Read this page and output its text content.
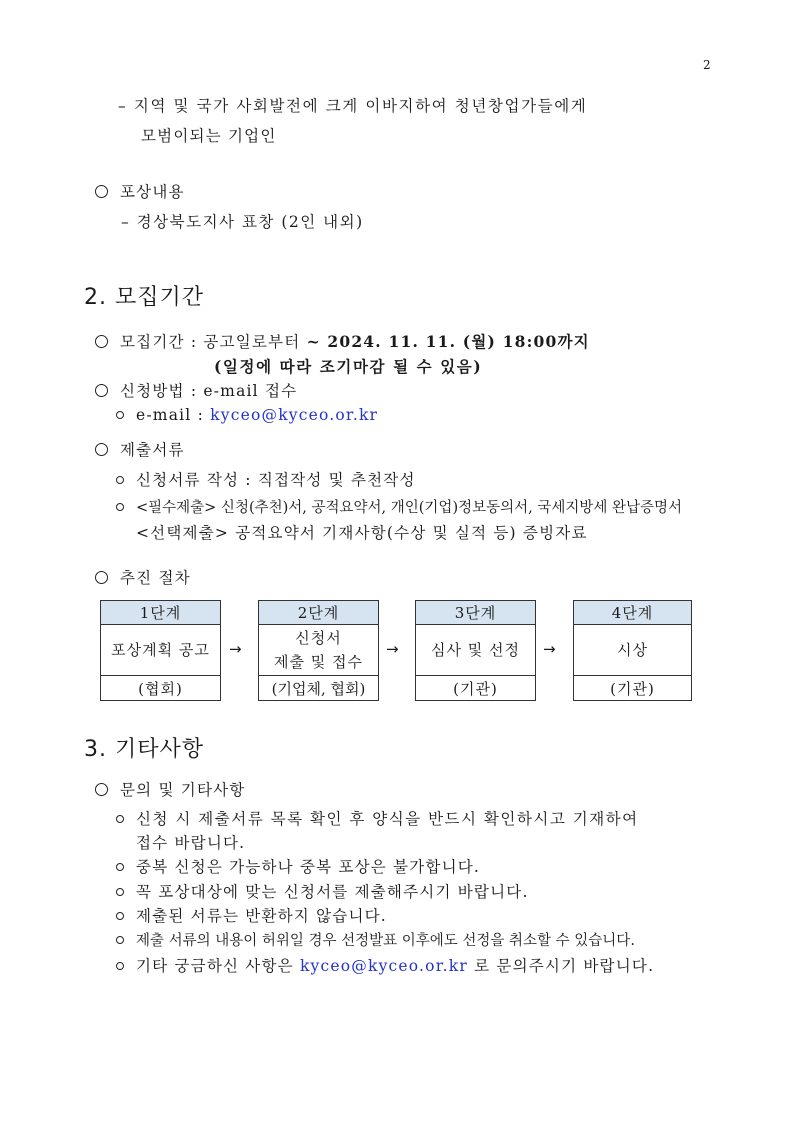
2
– 지역 및 국가 사회발전에 크게 이바지하여 청년창업가들에게
모범이되는 기업인
포상내용
– 경상북도지사 표창 (2인 내외)
2. 모집기간
모집기간 : 공고일로부터 ~ 2024. 11. 11. (월) 18:00까지
(일정에 따라 조기마감 될 수 있음)
신청방법 : e-mail 접수
e-mail : kyceo@kyceo.or.kr
제출서류
신청서류 작성 : 직접작성 및 추천작성
<필수제출> 신청(추천)서, 공적요약서, 개인(기업)정보동의서, 국세지방세 완납증명서
<선택제출> 공적요약서 기재사항(수상 및 실적 등) 증빙자료
추진 절차
1단계
포상계획 공고
(협회)
→
2단계
신청서
제출 및 접수
(기업체, 협회)
→
3단계
심사 및 선정
(기관)
→
4단계
시상
(기관)
3. 기타사항
문의 및 기타사항
신청 시 제출서류 목록 확인 후 양식을 반드시 확인하시고 기재하여
접수 바랍니다.
중복 신청은 가능하나 중복 포상은 불가합니다.
꼭 포상대상에 맞는 신청서를 제출해주시기 바랍니다.
제출된 서류는 반환하지 않습니다.
제출 서류의 내용이 허위일 경우 선정발표 이후에도 선정을 취소할 수 있습니다.
기타 궁금하신 사항은 kyceo@kyceo.or.kr 로 문의주시기 바랍니다.
